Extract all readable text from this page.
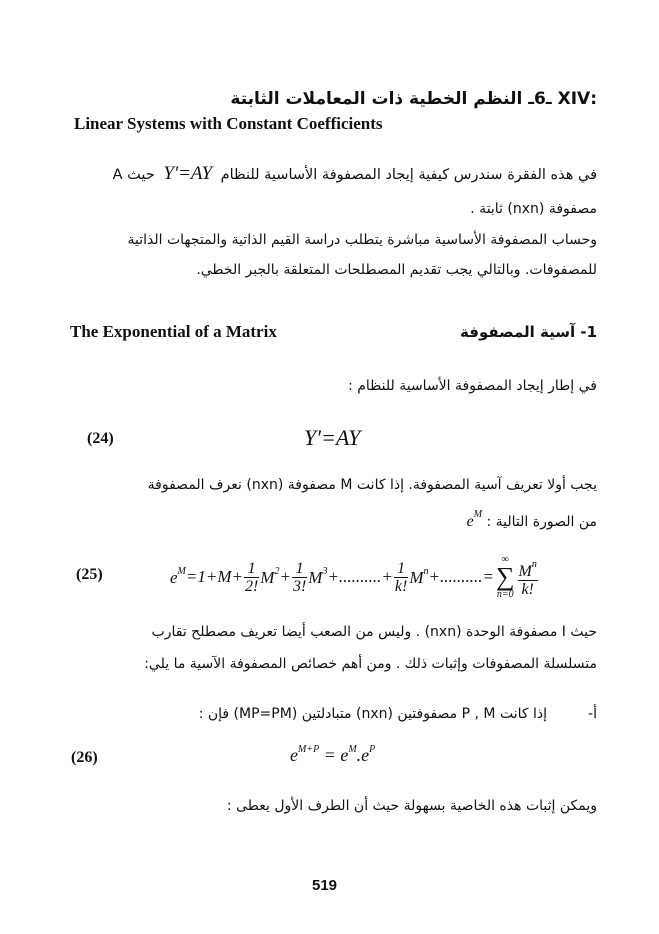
:XIV ـ6ـ النظم الخطية ذات المعاملات الثابتة
Linear Systems with Constant Coefficients
في هذه الفقرة سندرس كيفية إيجاد المصفوفة الأساسية للنظام Y′=AY حيث A
مصفوفة (nxn) ثابتة .
وحساب المصفوفة الأساسية مباشرة يتطلب دراسة القيم الذاتية والمتجهات الذاتية
للمصفوفات. وبالتالي يجب تقديم المصطلحات المتعلقة بالجبر الخطي.
The Exponential of a Matrix	1- آسية المصفوفة
في إطار إيجاد المصفوفة الأساسية للنظام :
(24)	Y′=AY
يجب أولا تعريف آسية المصفوفة. إذا كانت M مصفوفة (nxn) نعرف المصفوفة
من الصورة التالية : $e^M$
(25)	$e^M =1+M+ \frac{1}{2!} M^2 + \frac{1}{3!} M^3$ +..........+ $\frac{1}{k!} M^n$ +..........=
∞
∑
$n=0 \frac{M^n}{k!}$
حيث I مصفوفة الوحدة (nxn) . وليس من الصعب أيضا تعريف مصطلح تقارب
متسلسلة المصفوفات وإثبات ذلك . ومن أهم خصائص المصفوفة الآسية ما يلي:
أ-
إذا كانت P , M مصفوفتين (nxn) متبادلتين (MP=PM) فإن :
(26)	$e^{M+P} = e^M.e^P$
ويمكن إثبات هذه الخاصية بسهولة حيث أن الطرف الأول يعطى :
519
